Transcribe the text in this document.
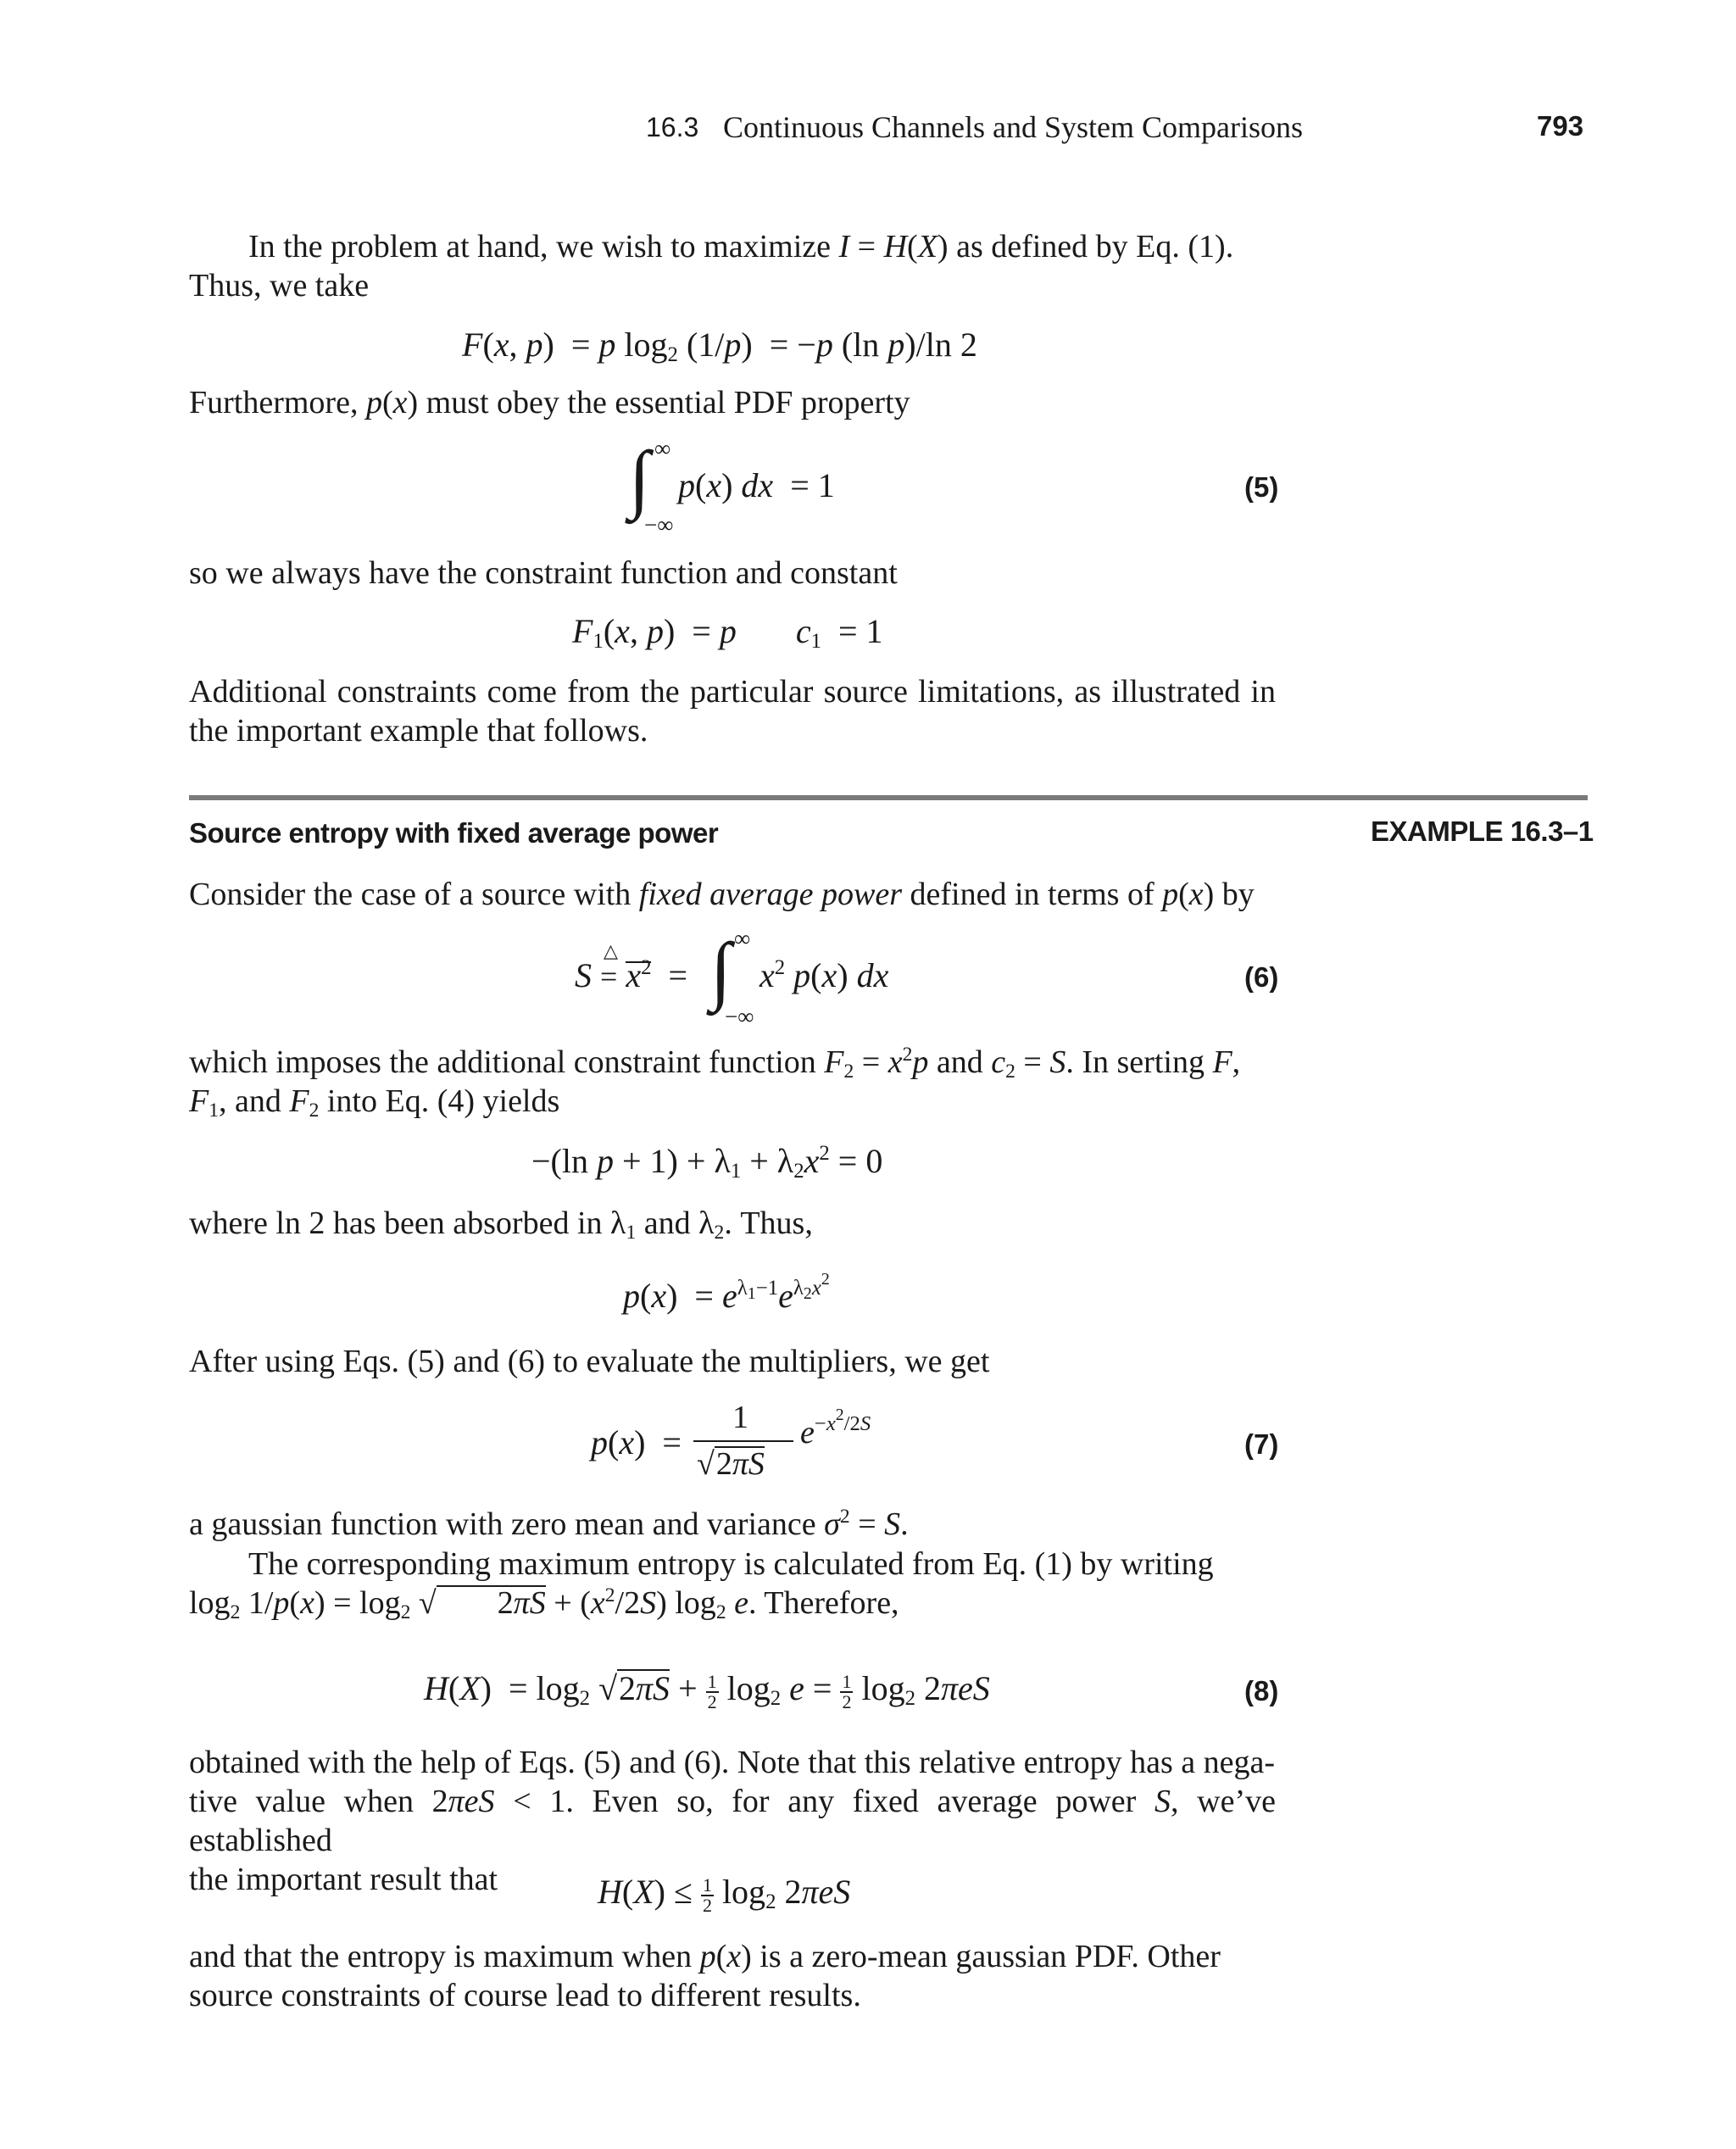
16.3 Continuous Channels and System Comparisons	793
In the problem at hand, we wish to maximize I = H(X) as defined by Eq. (1).
Thus, we take
F(x, p)  = p $\log_2 (1/p) = -p$ (ln p)/ln 2
Furthermore, p(x) must obey the essential PDF property
∫ ∞
−∞
p(x) dx  = 1	(5)
so we always have the constraint function and constant
$F_1(x$, p)  = p $c_1 = 1$
Additional constraints come from the particular source limitations, as illustrated in the important example that follows.
Source entropy with fixed average power	EXAMPLE 16.3–1
Consider the case of a source with fixed average power defined in terms of p(x) by
S =
△
$x^2$
= ∫ ∞
−∞
$x^2$ p(x) dx	(6)
which imposes the additional constraint function $F_2 = x^2p$ and $c_2 = S$. In serting F,
$F_1$, and $F_2$ into Eq. (4) yields
−(ln $p + 1) + \lambda_1 + \lambda_2x^2 = 0$
where ln 2 has been absorbed in $\lambda_1$ and $\lambda_2$. Thus,
$p(x) = e^{\lambda_1-1}e^{\lambda_2x^2}$
After using Eqs. (5) and (6) to evaluate the multipliers, we get
p(x)  =
1
√2πS
$e^{-x^2/2S}$
(7)
a gaussian function with zero mean and variance $\sigma^2 = S$.
The corresponding maximum entropy is calculated from Eq. (1) by writing
$\log_2 1/p(x) = \log_2$ √ $2\pi S + (x^2/2S)$ $\log_2 e$. Therefore,
$H(X) = \log_2 √2\pi S + \frac{1}{2} \log_2 e = \frac{1}{2} \log_2 2\pi eS$	(8)
obtained with the help of Eqs. (5) and (6). Note that this relative entropy has a nega-
tive value when 2πeS < 1. Even so, for any fixed average power S, we’ve established
the important result that	$H(X) \le \frac{1}{2} \log_2 2\pi eS$
and that the entropy is maximum when p(x) is a zero-mean gaussian PDF. Other
source constraints of course lead to different results.
